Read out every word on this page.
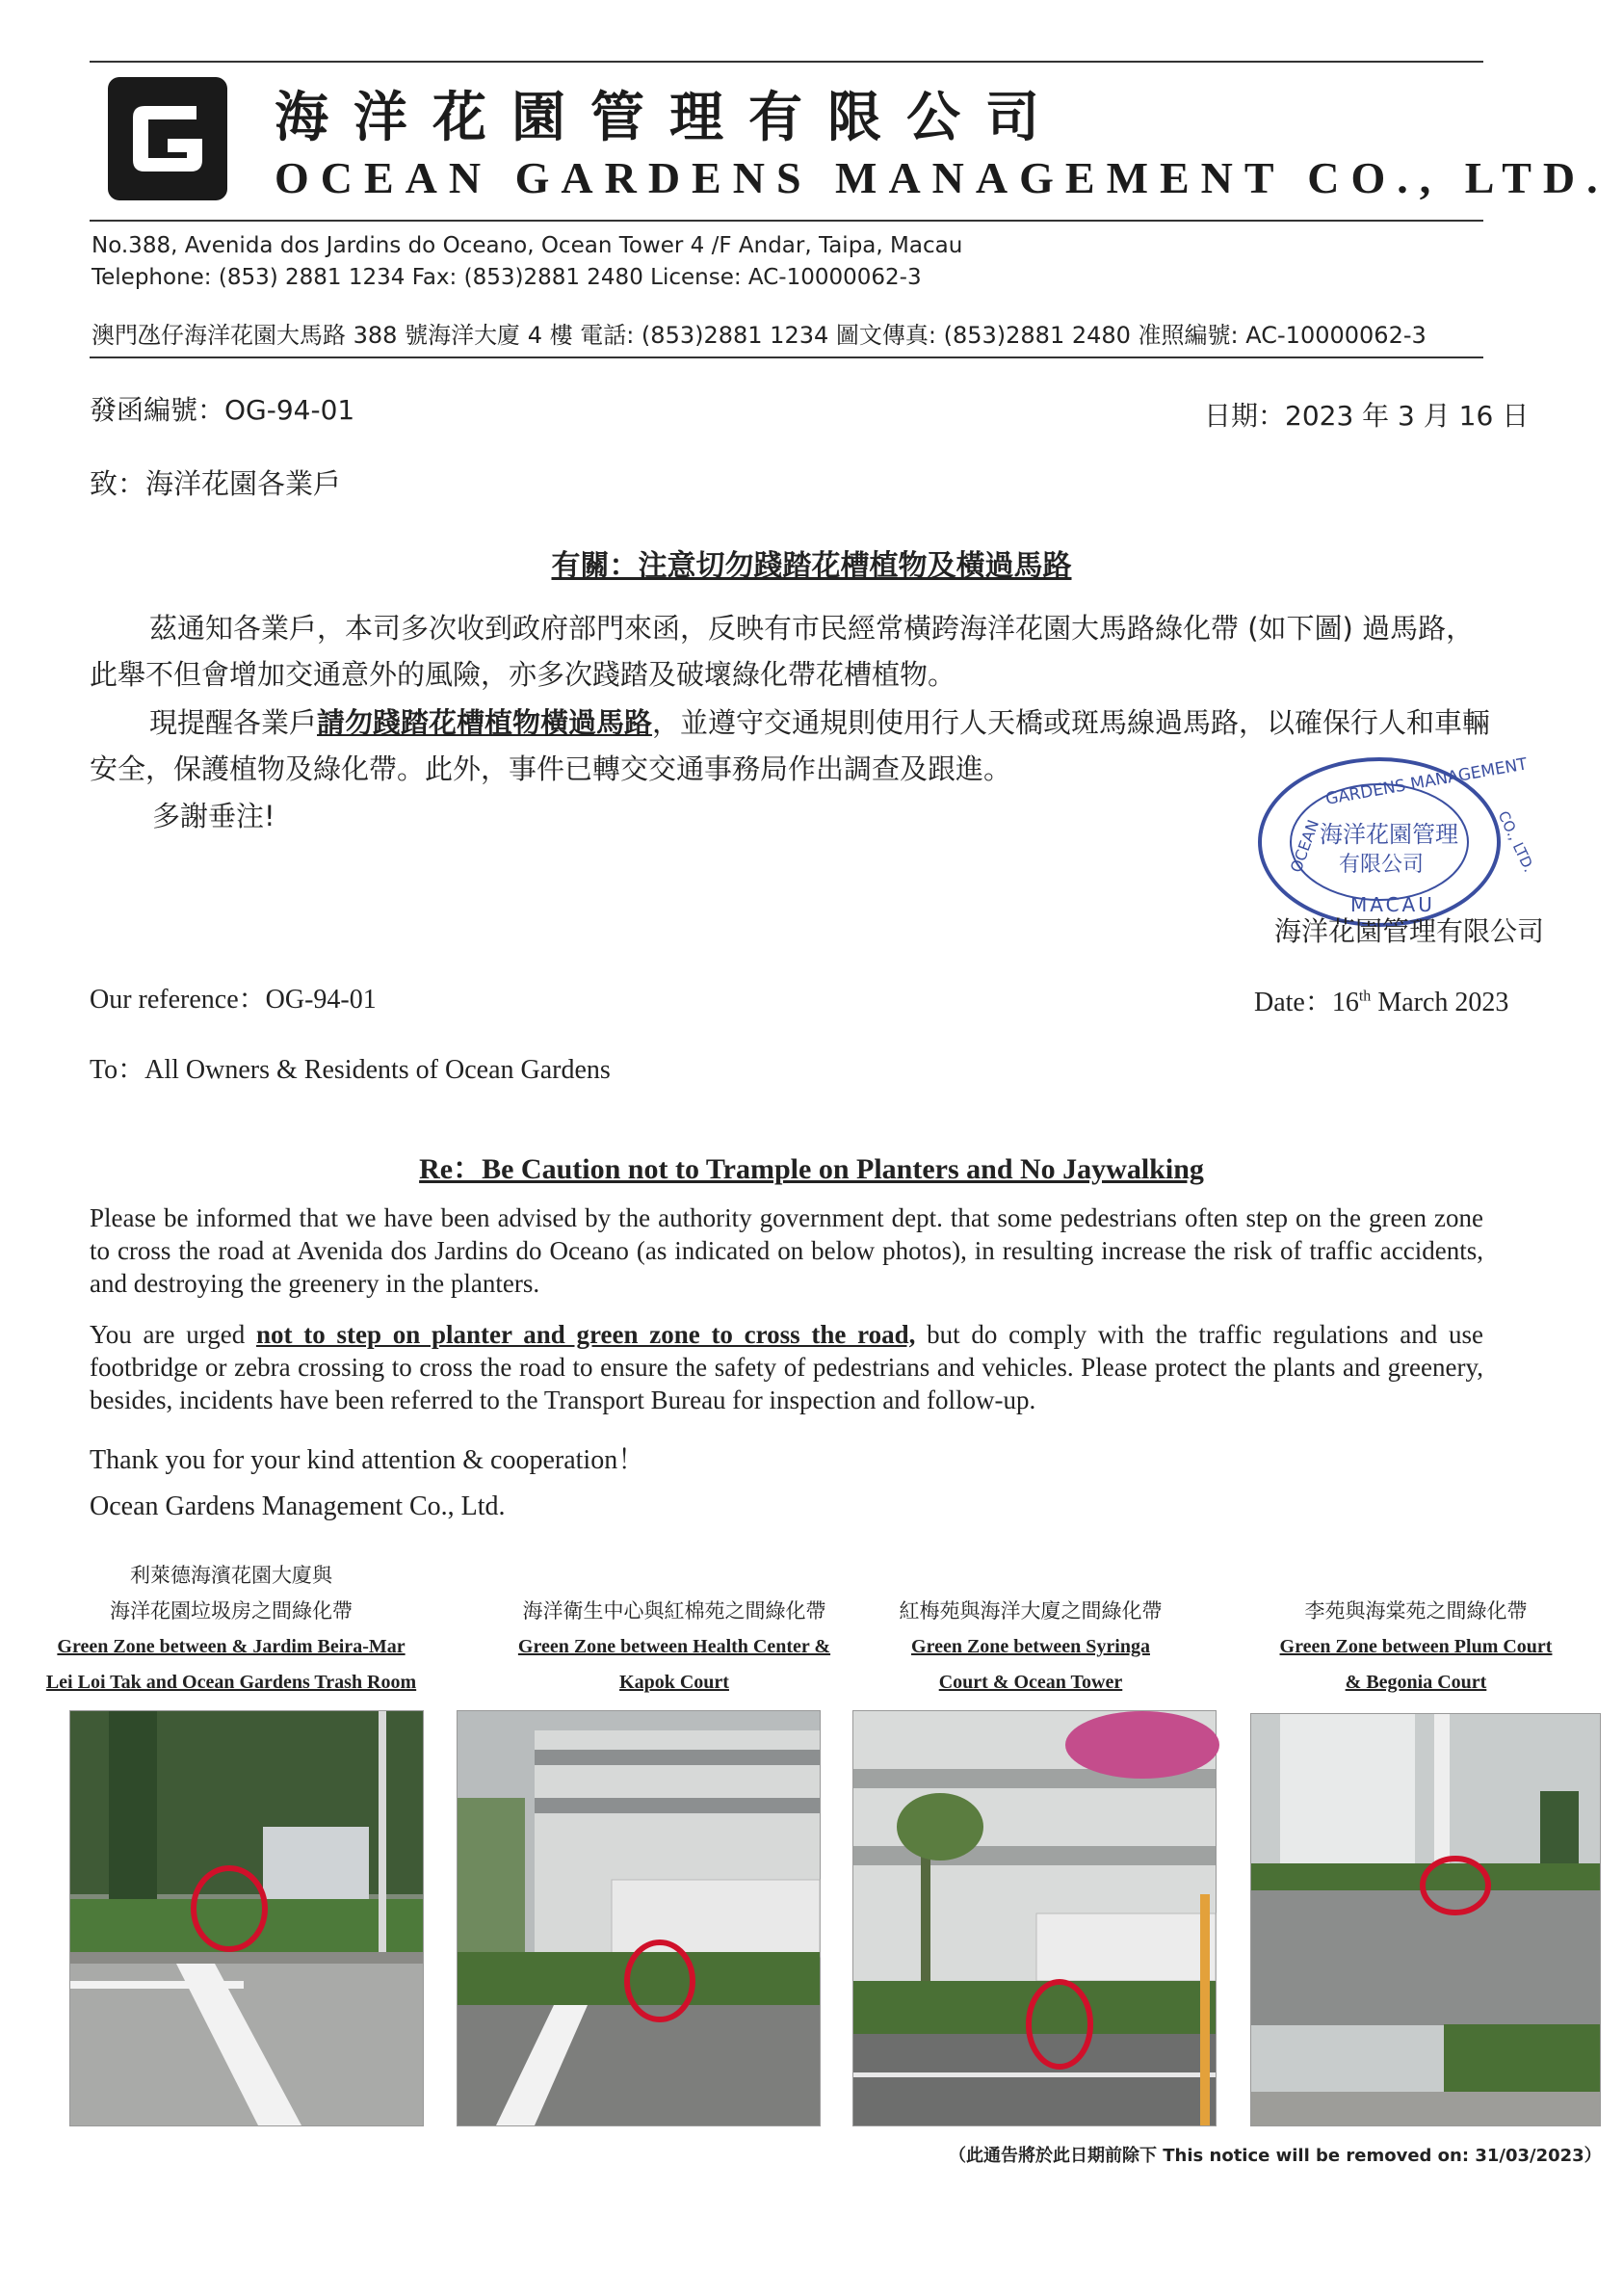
海洋花園管理有限公司
OCEAN GARDENS MANAGEMENT CO., LTD.
No.388, Avenida dos Jardins do Oceano, Ocean Tower 4 /F Andar, Taipa, Macau
Telephone: (853) 2881 1234 Fax: (853)2881 2480 License: AC-10000062-3
澳門氹仔海洋花園大馬路 388 號海洋大廈 4 樓 電話: (853)2881 1234 圖文傳真: (853)2881 2480 准照編號: AC-10000062-3
發函編號：OG-94-01	日期：2023 年 3 月 16 日
致：海洋花園各業戶
有關：注意切勿踐踏花槽植物及橫過馬路
茲通知各業戶，本司多次收到政府部門來函，反映有市民經常橫跨海洋花園大馬路綠化帶 (如下圖) 過馬路，此舉不但會增加交通意外的風險，亦多次踐踏及破壞綠化帶花槽植物。
現提醒各業戶請勿踐踏花槽植物橫過馬路，並遵守交通規則使用行人天橋或斑馬線過馬路，以確保行人和車輛安全，保護植物及綠化帶。此外，事件已轉交交通事務局作出調查及跟進。
多謝垂注!
GARDENS MANAGEMENT
OCEAN	CO., LTD.
海洋花園管理
有限公司
MACAU
海洋花園管理有限公司
Our reference：OG-94-01	Date：16th March 2023
To：All Owners & Residents of Ocean Gardens
Re：Be Caution not to Trample on Planters and No Jaywalking
Please be informed that we have been advised by the authority government dept. that some pedestrians often step on the green zone to cross the road at Avenida dos Jardins do Oceano (as indicated on below photos), in resulting increase the risk of traffic accidents, and destroying the greenery in the planters.
You are urged not to step on planter and green zone to cross the road, but do comply with the traffic regulations and use footbridge or zebra crossing to cross the road to ensure the safety of pedestrians and vehicles. Please protect the plants and greenery, besides, incidents have been referred to the Transport Bureau for inspection and follow-up.
Thank you for your kind attention & cooperation！
Ocean Gardens Management Co., Ltd.
利萊德海濱花園大廈與
海洋花園垃圾房之間綠化帶
Green Zone between & Jardim Beira-Mar
Lei Loi Tak and Ocean Gardens Trash Room
海洋衛生中心與紅棉苑之間綠化帶
Green Zone between Health Center &
Kapok Court
紅梅苑與海洋大廈之間綠化帶
Green Zone between Syringa
Court & Ocean Tower
李苑與海棠苑之間綠化帶
Green Zone between Plum Court
& Begonia Court
（此通告將於此日期前除下 This notice will be removed on: 31/03/2023）
